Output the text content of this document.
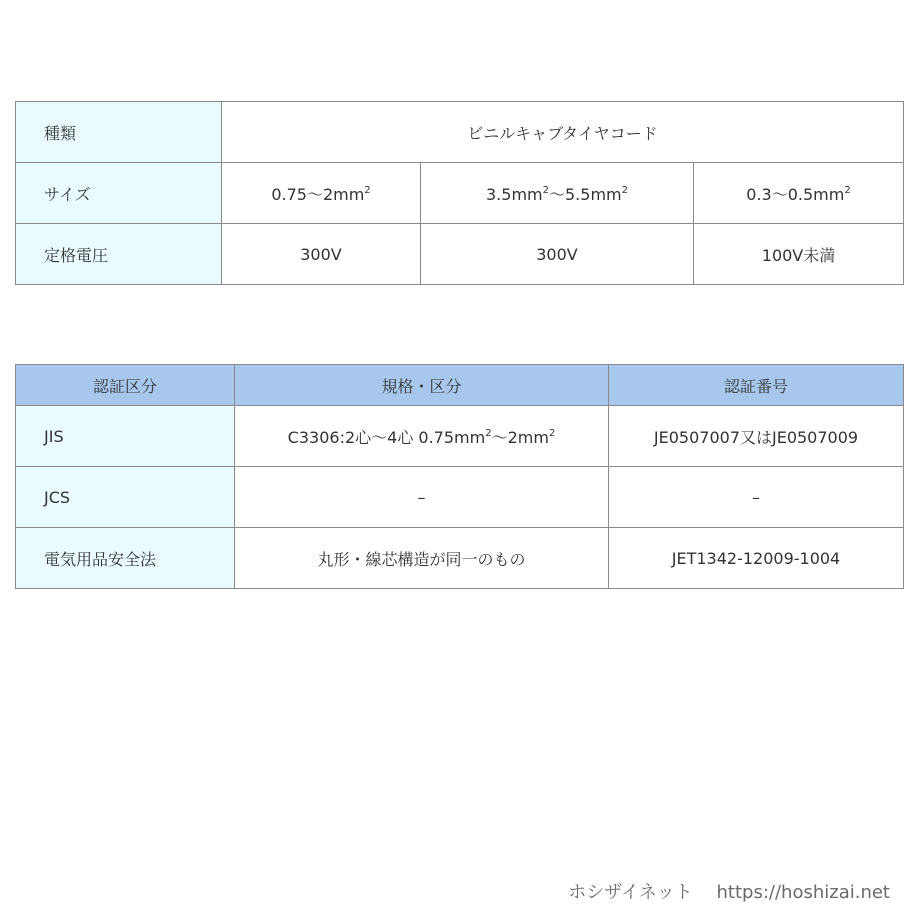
種類	ビニルキャブタイヤコード		
サイズ	0.75〜$2mm^2$	$3.5mm^2$〜$5.5mm^2$	0.3〜$0.5mm^2$
定格電圧	300V	300V	100V未満
認証区分	規格・区分	認証番号
JIS	C3306:2心〜4心 $0.75mm^2$〜$2mm^2$	JE0507007又はJE0507009
JCS	–	–
電気用品安全法	丸形・線芯構造が同一のもの	JET1342-12009-1004
ホシザイネット https://hoshizai.net
